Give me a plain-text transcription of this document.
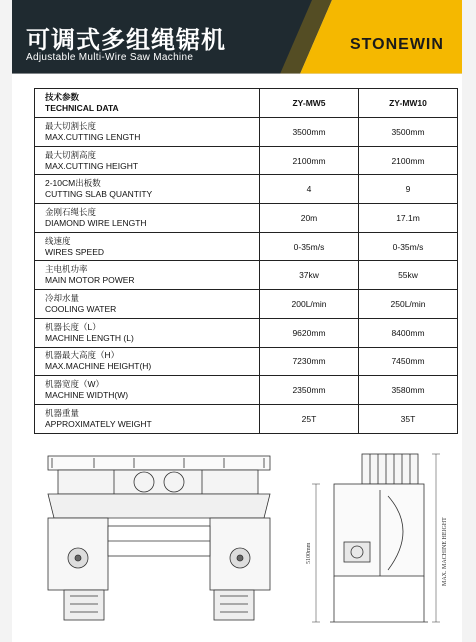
可调式多组绳锯机
Adjustable Multi-Wire Saw Machine
STONEWIN
技术参数
TECHNICAL DATA	ZY-MW5	ZY-MW10

最大切割长度
MAX.CUTTING LENGTH	3500mm	3500mm

最大切割高度
MAX.CUTTING HEIGHT	2100mm	2100mm

2-10CM出板数
CUTTING SLAB QUANTITY	4	9

金刚石绳长度
DIAMOND WIRE LENGTH	20m	17.1m

线速度
WIRES SPEED	0-35m/s	0-35m/s

主电机功率
MAIN MOTOR POWER	37kw	55kw

冷却水量
COOLING WATER	200L/min	250L/min

机器长度（L）
MACHINE LENGTH (L)	9620mm	8400mm

机器最大高度（H）
MAX.MACHINE HEIGHT(H)	7230mm	7450mm

机器宽度（W）
MACHINE WIDTH(W)	2350mm	3580mm

机器重量
APPROXIMATELY WEIGHT	25T	35T
5100mm	MAX. MACHINE HEIGHT
